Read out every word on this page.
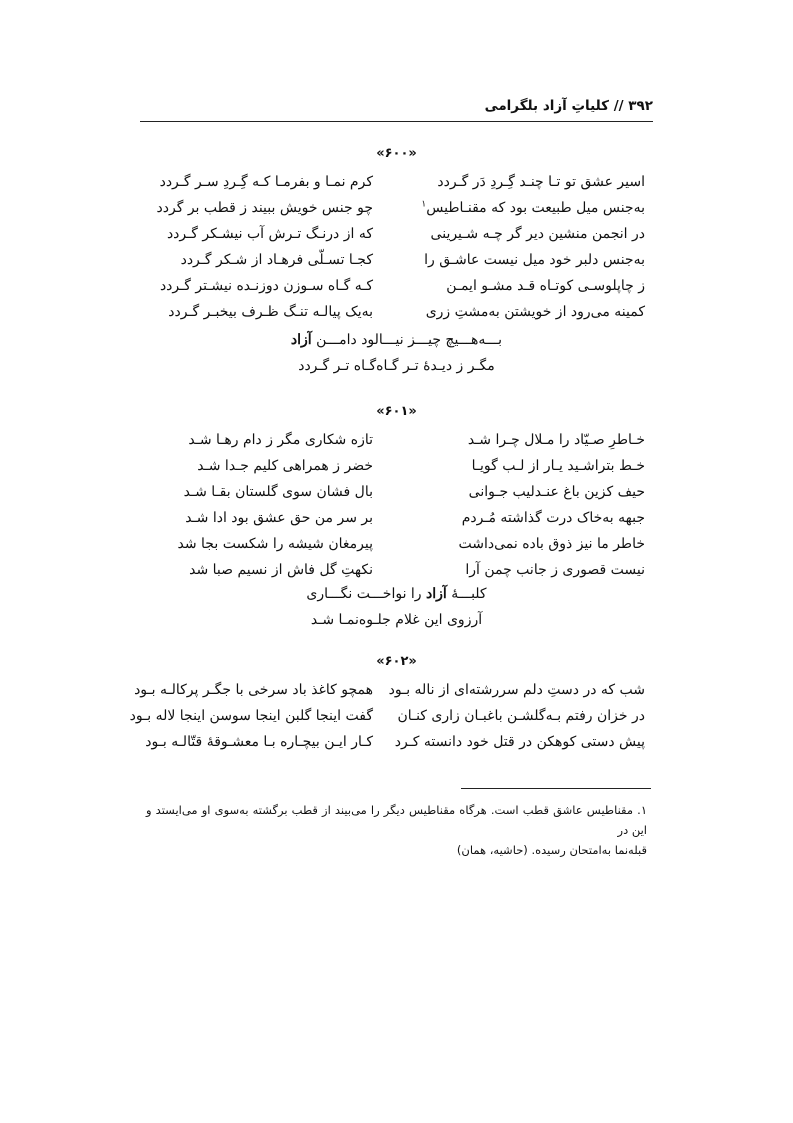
۳۹۲ // کلیاتِ آزاد بلگرامی
«۶۰۰»
اسیر عشق تو تـا چنـد گِـردِ دَر گـردد
کرم نمـا و بفرمـا کـه گِـردِ سـر گـردد
به‌جنس میل طبیعت بود که مقنـاطیس$^۱$
چو جنس خویش ببیند ز قطب بر گردد
در انجمن منشین دیر گر چـه شـیرینی
که از درنـگ تـرش آب نیشـکر گـردد
به‌جنس دلبر خود میل نیست عاشـق را
کجـا تسـلّی فرهـاد از شـکر گـردد
ز چاپلوسـی کوتـاه قـد مشـو ایمـن
کـه گـاه سـوزن دوزنـده نیشـتر گـردد
کمینه می‌رود از خویشتن به‌مشتِ زری
به‌یک پیالـه تنـگ ظـرف بیخبـر گـردد
بـــه‌هـــیچ چیـــز نیـــالود دامـــن آزاد
مگـر ز دیـدهٔ تـر گـاه‌گـاه تـر گـردد
«۶۰۱»
خـاطرِ صـیّاد را مـلال چـرا شـد
تازه شکاری مگر ز دام رهـا شـد
خـط بتراشـید یـار از لـب گویـا
خضر ز همراهی کلیم جـدا شـد
حیف کزین باغ عنـدلیب جـوانی
بال فشان سوی گلستان بقـا شـد
جبهه به‌خاک درت گذاشته مُـردم
بر سر من حق عشق بود ادا شـد
خاطر ما نیز ذوق باده نمی‌داشت
پیرمغان شیشه را شکست بجا شد
نیست قصوری ز جانب چمن آرا
نکهتِ گل فاش از نسیم صبا شد
کلبـــهٔ آزاد را نواخـــت نگـــاری
آرزوی این غلام جلـوه‌نمـا شـد
«۶۰۲»
شب که در دستِ دلم سررشته‌ای از ناله بـود
همچو کاغذ باد سرخی با جگـر پرکالـه بـود
در خزان رفتم بـه‌گلشـن باغبـان زاری کنـان
گفت اینجا گلبن اینجا سوسن اینجا لاله بـود
پیش دستی کوهکن در قتل خود دانسته کـرد
کـار ایـن بیچـاره بـا معشـوقهٔ قتّالـه بـود

۱. مقناطیس عاشق قطب است. هرگاه مقناطیس دیگر را می‌بیند از قطب برگشته به‌سوی او می‌ایستد و این در

قبله‌نما به‌امتحان رسیده. (حاشیه، همان)
